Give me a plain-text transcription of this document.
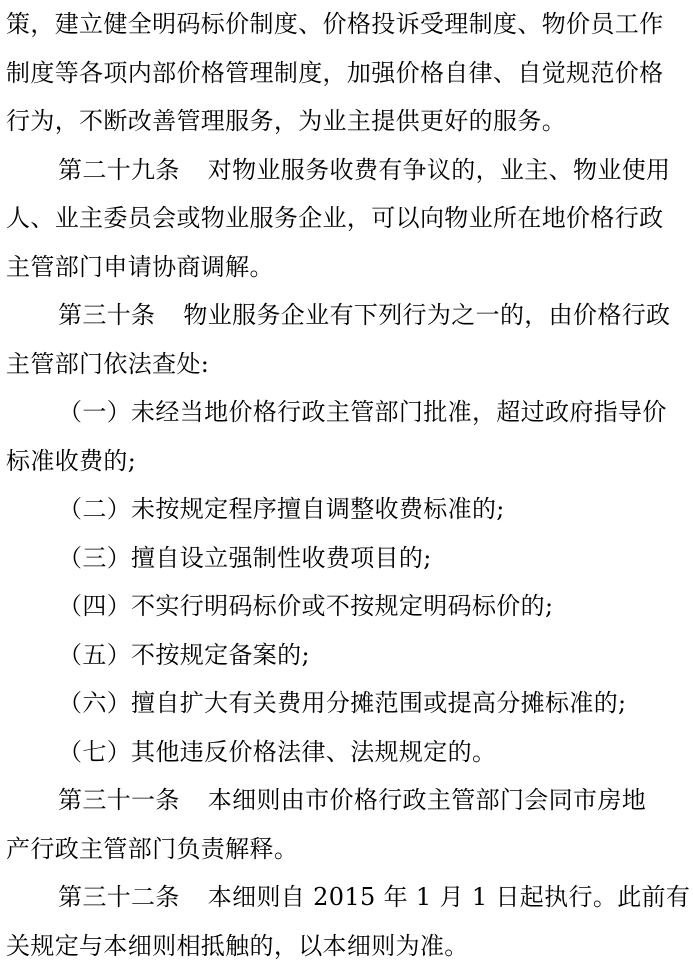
策，建立健全明码标价制度、价格投诉受理制度、物价员工作
制度等各项内部价格管理制度，加强价格自律、自觉规范价格
行为，不断改善管理服务，为业主提供更好的服务。
第二十九条 对物业服务收费有争议的，业主、物业使用
人、业主委员会或物业服务企业，可以向物业所在地价格行政
主管部门申请协商调解。
第三十条 物业服务企业有下列行为之一的，由价格行政
主管部门依法查处:
（一）未经当地价格行政主管部门批准，超过政府指导价
标准收费的;
（二）未按规定程序擅自调整收费标准的;
（三）擅自设立强制性收费项目的;
（四）不实行明码标价或不按规定明码标价的;
（五）不按规定备案的;
（六）擅自扩大有关费用分摊范围或提高分摊标准的;
（七）其他违反价格法律、法规规定的。
第三十一条 本细则由市价格行政主管部门会同市房地
产行政主管部门负责解释。
第三十二条 本细则自 2015 年 1 月 1 日起执行。此前有
关规定与本细则相抵触的，以本细则为准。
